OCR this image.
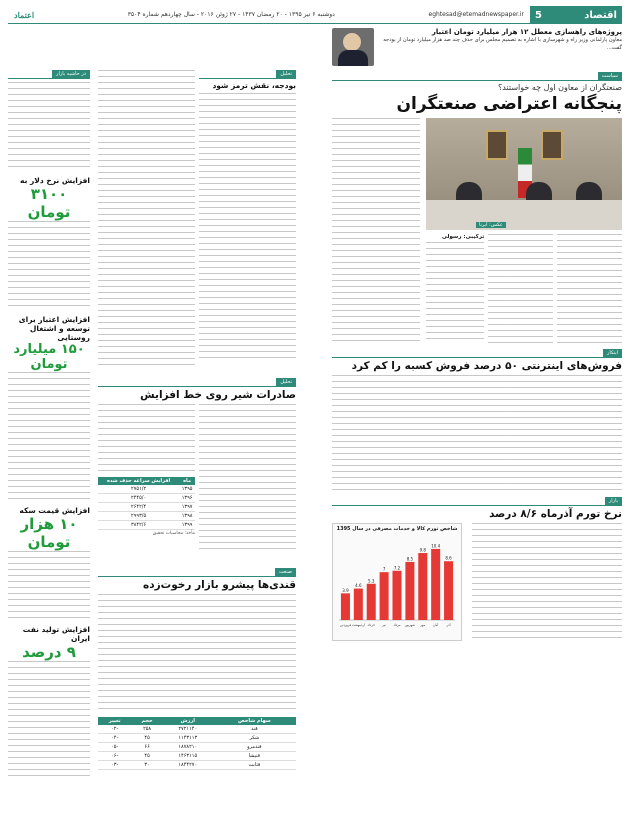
اقتصاد
5
eghtesad@etemadnewspaper.ir
دوشنبه ۶ تیر ۱۳۹۵ - ۲۰ رمضان ۱۴۳۷ - ۲۷ ژوئن ۲۰۱۶ - سال چهاردهم شماره ۳۵۰۴
اعتماد
پروژه‌های راهسازی معطل ۱۲ هزار میلیارد تومان اعتبار
معاون پارلمانی وزیر راه و شهرسازی با اشاره به تصمیم مجلس برای حذف چند صد هزار میلیارد تومان از بودجه گفت...
سیاست
صنعتگران از معاون اول چه خواستند؟
پنجگانه اعتراضی صنعتگران
عکس: ایرنا
ترکیبی: رسولی
ابتکار
فروش‌های اینترنتی ۵۰ درصد فروش کسبه را کم کرد
بازار
نرخ تورم آذرماه ۸/۶ درصد
شاخص تورم کالا و خدمات مصرفی در سال 1395
3.9
فروردین
4.6
اردیبهشت
5.3
خرداد
7
تیر
7.2
مرداد
8.5
شهریور
9.8
مهر
10.4
آبان
8.6
آذر
تحلیل
بودجه، نقش ترمز شود
تحلیل
صادرات شیر روی خط افزایش
ماه	افزایش سراغه حذف شده
۱۳۹۵	۲۷۵۱/۲
۱۳۹۶	۲۴۴۵/۰
۱۳۹۷	۲۶۴۲/۴
۱۳۹۸	۲۹۹۳/۵
۱۳۹۹	۳۸۴۲/۶
مأخذ: محاسبات تحقیق
صنعت
قندی‌ها پیشرو بازار رخوت‌زده
سهام شاخص	ارزش	حجم	تغییر
قند	۲۷۲۱۱۴۰	۲۵۸	-۰۲
شکر	۱۱۴۳۱۱۳	۴۵	-۰۴
قندمرو	۱۸۷۸۲۱۰	۶۶	-۰۵
قنیشا	۱۴۶۳۱۱۵	۴۵	-۰۶
قثابت	۱۸۴۴۲۷۰	۳۰	-۰۳
در حاشیه بازار
افزایش نرخ دلار به
۳۱۰۰ تومان
افزایش اعتبار برای توسعه و اشتغال روستایی
۱۵۰ میلیارد تومان
افزایش قیمت سکه
۱۰ هزار تومان
افزایش تولید نفت ایران
۹ درصد
